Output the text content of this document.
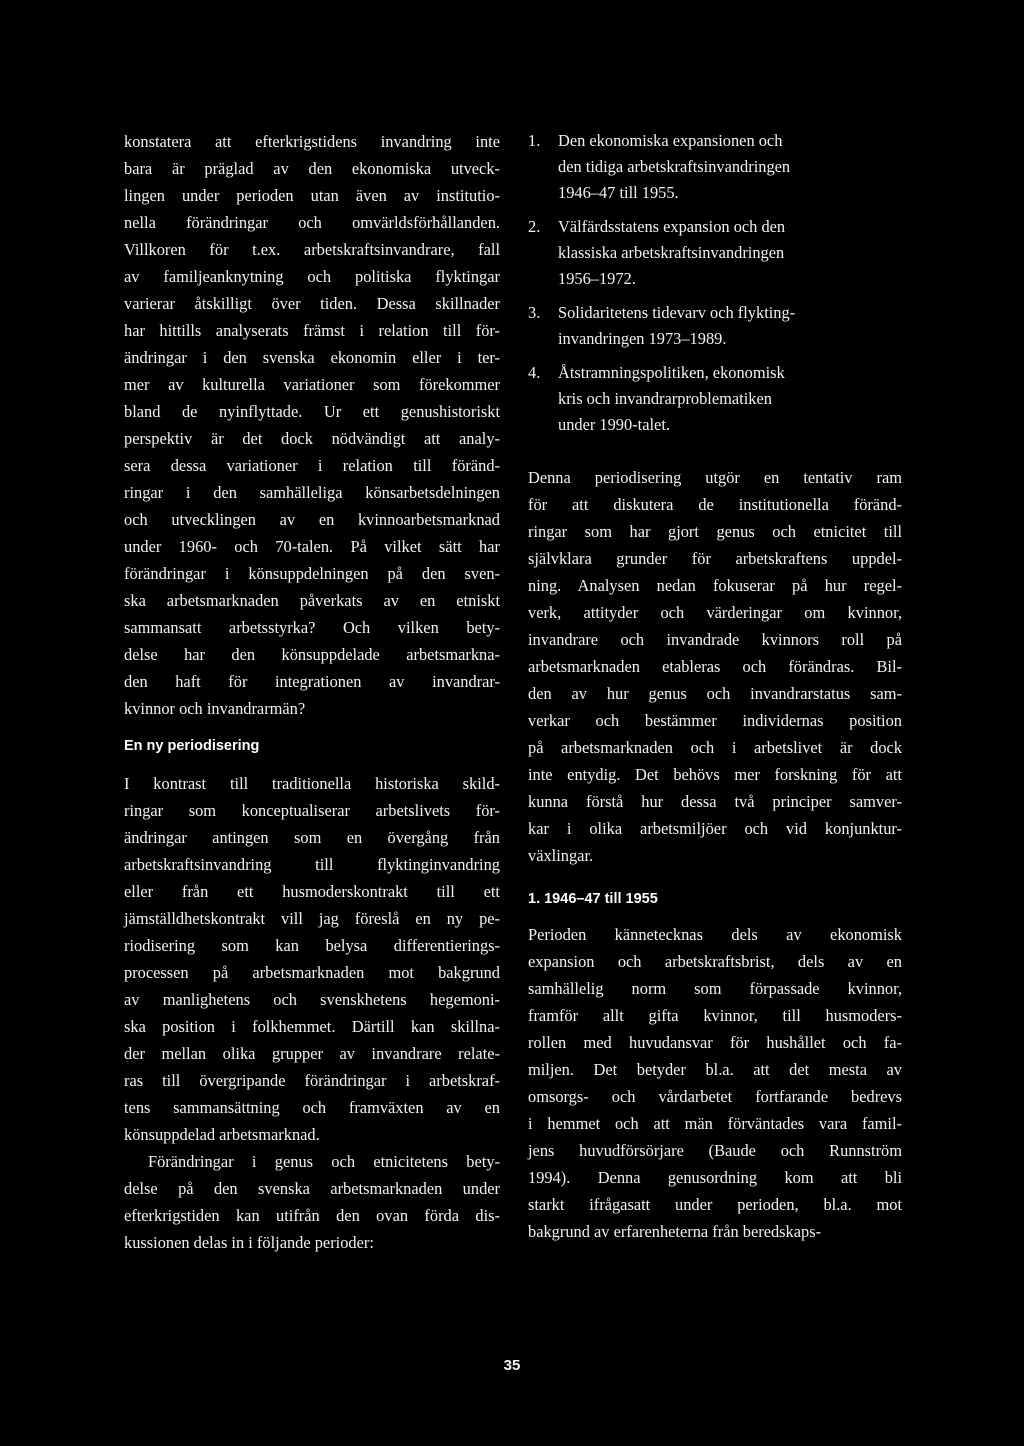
konstatera att efterkrigstidens invandring inte

bara är präglad av den ekonomiska utveck-

lingen under perioden utan även av institutio-

nella förändringar och omvärldsförhållanden.

Villkoren för t.ex. arbetskraftsinvandrare, fall

av familjeanknytning och politiska flyktingar

varierar åtskilligt över tiden. Dessa skillnader

har hittills analyserats främst i relation till för-

ändringar i den svenska ekonomin eller i ter-

mer av kulturella variationer som förekommer

bland de nyinflyttade. Ur ett genushistoriskt

perspektiv är det dock nödvändigt att analy-

sera dessa variationer i relation till föränd-

ringar i den samhälleliga könsarbetsdelningen

och utvecklingen av en kvinnoarbetsmarknad

under 1960- och 70-talen. På vilket sätt har

förändringar i könsuppdelningen på den sven-

ska arbetsmarknaden påverkats av en etniskt

sammansatt arbetsstyrka? Och vilken bety-

delse har den könsuppdelade arbetsmarkna-

den haft för integrationen av invandrar-

kvinnor och invandrarmän?

En ny periodisering

I kontrast till traditionella historiska skild-

ringar som konceptualiserar arbetslivets för-

ändringar antingen som en övergång från

arbetskraftsinvandring till flyktinginvandring

eller från ett husmoderskontrakt till ett

jämställdhetskontrakt vill jag föreslå en ny pe-

riodisering som kan belysa differentierings-

processen på arbetsmarknaden mot bakgrund

av manlighetens och svenskhetens hegemoni-

ska position i folkhemmet. Därtill kan skillna-

der mellan olika grupper av invandrare relate-

ras till övergripande förändringar i arbetskraf-

tens sammansättning och framväxten av en

könsuppdelad arbetsmarknad.

Förändringar i genus och etnicitetens bety-

delse på den svenska arbetsmarknaden under

efterkrigstiden kan utifrån den ovan förda dis-

kussionen delas in i följande perioder:

1. Den ekonomiska expansionen och
den tidiga arbetskraftsinvandringen
1946–47 till 1955.
2. Välfärdsstatens expansion och den
klassiska arbetskraftsinvandringen
1956–1972.
3. Solidaritetens tidevarv och flykting-
invandringen 1973–1989.
4. Åtstramningspolitiken, ekonomisk
kris och invandrarproblematiken
under 1990-talet.

Denna periodisering utgör en tentativ ram

för att diskutera de institutionella föränd-

ringar som har gjort genus och etnicitet till

självklara grunder för arbetskraftens uppdel-

ning. Analysen nedan fokuserar på hur regel-

verk, attityder och värderingar om kvinnor,

invandrare och invandrade kvinnors roll på

arbetsmarknaden etableras och förändras. Bil-

den av hur genus och invandrarstatus sam-

verkar och bestämmer individernas position

på arbetsmarknaden och i arbetslivet är dock

inte entydig. Det behövs mer forskning för att

kunna förstå hur dessa två principer samver-

kar i olika arbetsmiljöer och vid konjunktur-

växlingar.

1. 1946–47 till 1955

Perioden kännetecknas dels av ekonomisk

expansion och arbetskraftsbrist, dels av en

samhällelig norm som förpassade kvinnor,

framför allt gifta kvinnor, till husmoders-

rollen med huvudansvar för hushållet och fa-

miljen. Det betyder bl.a. att det mesta av

omsorgs- och vårdarbetet fortfarande bedrevs

i hemmet och att män förväntades vara famil-

jens huvudförsörjare (Baude och Runnström

1994). Denna genusordning kom att bli

starkt ifrågasatt under perioden, bl.a. mot

bakgrund av erfarenheterna från beredskaps-

35
